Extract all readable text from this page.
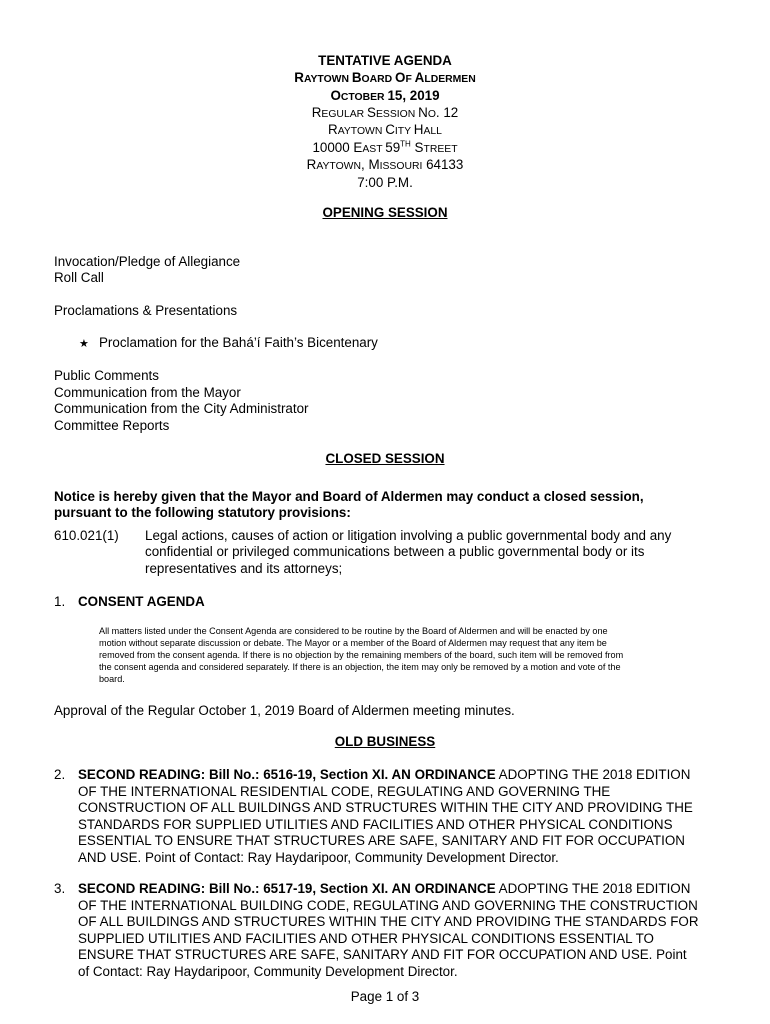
TENTATIVE AGENDA
RAYTOWN BOARD OF ALDERMEN
OCTOBER 15, 2019
REGULAR SESSION NO. 12
RAYTOWN CITY HALL
10000 EAST 59TH STREET
RAYTOWN, MISSOURI 64133
7:00 P.M.
OPENING SESSION
Invocation/Pledge of Allegiance
Roll Call
Proclamations & Presentations
★ Proclamation for the Bahá’í Faith’s Bicentenary
Public Comments
Communication from the Mayor
Communication from the City Administrator
Committee Reports
CLOSED SESSION
Notice is hereby given that the Mayor and Board of Aldermen may conduct a closed session,
pursuant to the following statutory provisions:
610.021(1) Legal actions, causes of action or litigation involving a public governmental body and any
confidential or privileged communications between a public governmental body or its
representatives and its attorneys;
1. CONSENT AGENDA
All matters listed under the Consent Agenda are considered to be routine by the Board of Aldermen and will be enacted by one
motion without separate discussion or debate. The Mayor or a member of the Board of Aldermen may request that any item be
removed from the consent agenda. If there is no objection by the remaining members of the board, such item will be removed from
the consent agenda and considered separately. If there is an objection, the item may only be removed by a motion and vote of the
board.
Approval of the Regular October 1, 2019 Board of Aldermen meeting minutes.
OLD BUSINESS
2. SECOND READING: Bill No.: 6516-19, Section XI. AN ORDINANCE ADOPTING THE 2018 EDITION
OF THE INTERNATIONAL RESIDENTIAL CODE, REGULATING AND GOVERNING THE
CONSTRUCTION OF ALL BUILDINGS AND STRUCTURES WITHIN THE CITY AND PROVIDING THE
STANDARDS FOR SUPPLIED UTILITIES AND FACILITIES AND OTHER PHYSICAL CONDITIONS
ESSENTIAL TO ENSURE THAT STRUCTURES ARE SAFE, SANITARY AND FIT FOR OCCUPATION
AND USE. Point of Contact: Ray Haydaripoor, Community Development Director.
3. SECOND READING: Bill No.: 6517-19, Section XI. AN ORDINANCE ADOPTING THE 2018 EDITION
OF THE INTERNATIONAL BUILDING CODE, REGULATING AND GOVERNING THE CONSTRUCTION
OF ALL BUILDINGS AND STRUCTURES WITHIN THE CITY AND PROVIDING THE STANDARDS FOR
SUPPLIED UTILITIES AND FACILITIES AND OTHER PHYSICAL CONDITIONS ESSENTIAL TO
ENSURE THAT STRUCTURES ARE SAFE, SANITARY AND FIT FOR OCCUPATION AND USE. Point
of Contact: Ray Haydaripoor, Community Development Director.
Page 1 of 3
